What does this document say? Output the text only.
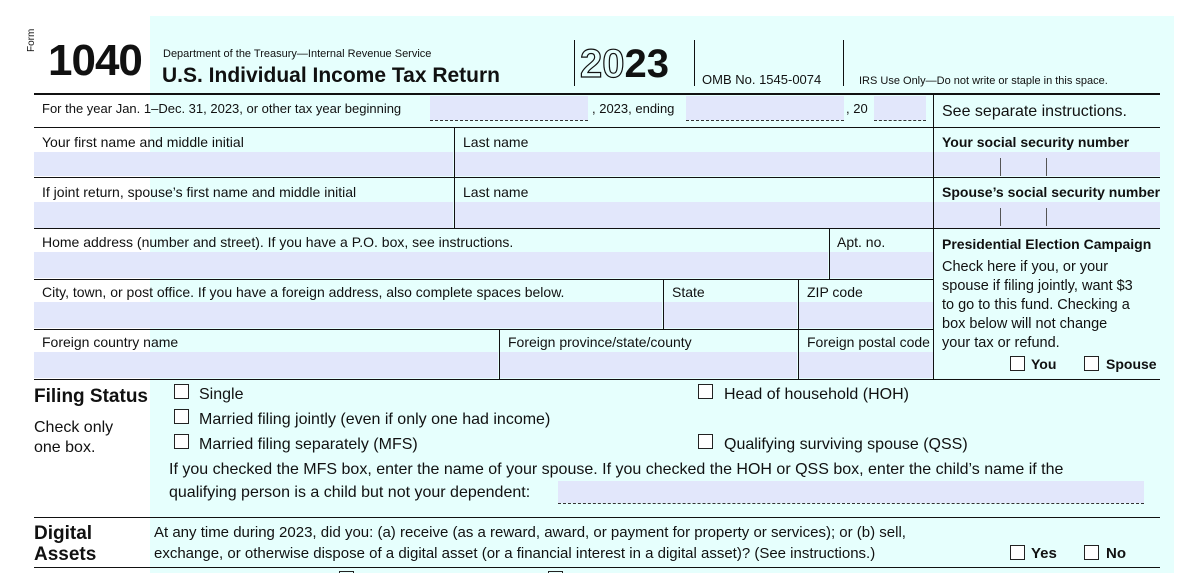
Form 1040 Department of the Treasury—Internal Revenue Service
U.S. Individual Income Tax Return 2023	OMB No. 1545-0074	IRS Use Only—Do not write or staple in this space.
For the year Jan. 1–Dec. 31, 2023, or other tax year beginning	, 2023, ending	, 20	See separate instructions.
Your first name and middle initial	Last name	Your social security number
If joint return, spouse’s first name and middle initial	Last name	Spouse’s social security number
Home address (number and street). If you have a P.O. box, see instructions.	Apt. no.	Presidential Election Campaign
Check here if you, or your
spouse if filing jointly, want $3
to go to this fund. Checking a
box below will not change
your tax or refund.
You	Spouse
City, town, or post office. If you have a foreign address, also complete spaces below.	State	ZIP code
Foreign country name	Foreign province/state/county	Foreign postal code
Filing Status
Check only
one box.
Single
Married filing jointly (even if only one had income)
Married filing separately (MFS)
Head of household (HOH)
Qualifying surviving spouse (QSS)
If you checked the MFS box, enter the name of your spouse. If you checked the HOH or QSS box, enter the child’s name if the
qualifying person is a child but not your dependent:
Digital
Assets
At any time during 2023, did you: (a) receive (as a reward, award, or payment for property or services); or (b) sell,
exchange, or otherwise dispose of a digital asset (or a financial interest in a digital asset)? (See instructions.)	Yes	No
